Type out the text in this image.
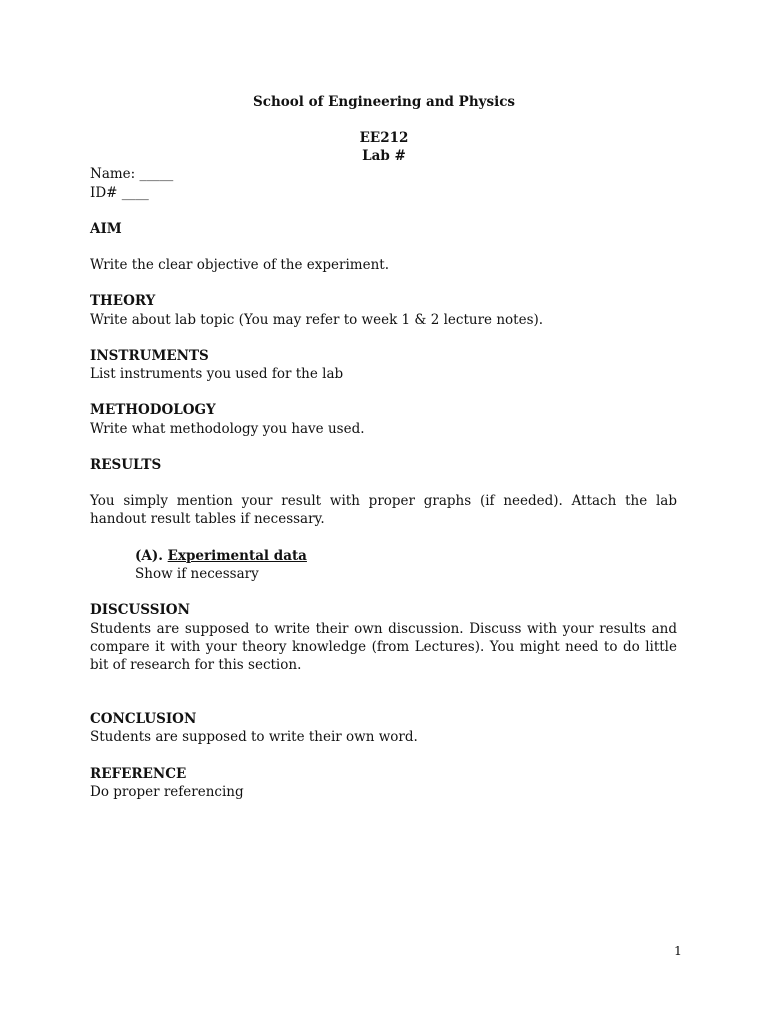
School of Engineering and Physics
EE212
Lab #
Name: _____
ID# ____
AIM
Write the clear objective of the experiment.
THEORY
Write about lab topic (You may refer to week 1 & 2 lecture notes).
INSTRUMENTS
List instruments you used for the lab
METHODOLOGY
Write what methodology you have used.
RESULTS
You simply mention your result with proper graphs (if needed). Attach the lab handout result tables if necessary.
(A). Experimental data
Show if necessary
DISCUSSION
Students are supposed to write their own discussion. Discuss with your results and compare it with your theory knowledge (from Lectures). You might need to do little bit of research for this section.
CONCLUSION
Students are supposed to write their own word.
REFERENCE
Do proper referencing
1
